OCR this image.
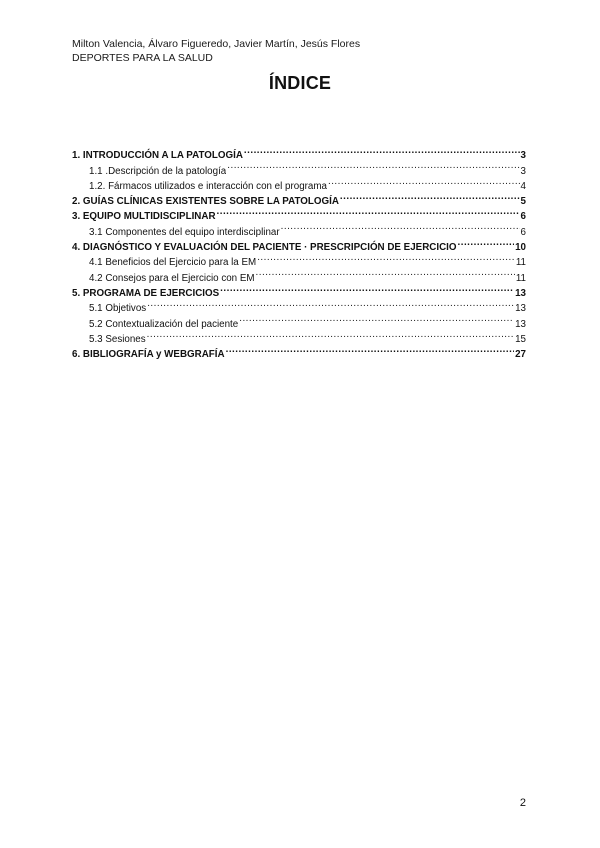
Milton Valencia, Álvaro Figueredo, Javier Martín, Jesús Flores
DEPORTES PARA LA SALUD
ÍNDICE
1. INTRODUCCIÓN A LA PATOLOGÍA .....	3
1.1 .Descripción de la patología .....	3
1.2. Fármacos utilizados e interacción con el programa .....	4
2. GUÍAS CLÍNICAS EXISTENTES SOBRE LA PATOLOGÍA .....	5
3. EQUIPO MULTIDISCIPLINAR .....	6
3.1 Componentes del equipo interdisciplinar .....	6
4. DIAGNÓSTICO Y EVALUACIÓN DEL PACIENTE · PRESCRIPCIÓN DE EJERCICIO .....	10
4.1 Beneficios del Ejercicio para la EM .....	11
4.2 Consejos para el Ejercicio con EM .....	11
5. PROGRAMA DE EJERCICIOS .....	13
5.1 Objetivos .....	13
5.2 Contextualización del paciente .....	13
5.3 Sesiones .....	15
6. BIBLIOGRAFÍA y WEBGRAFÍA .....	27
2
